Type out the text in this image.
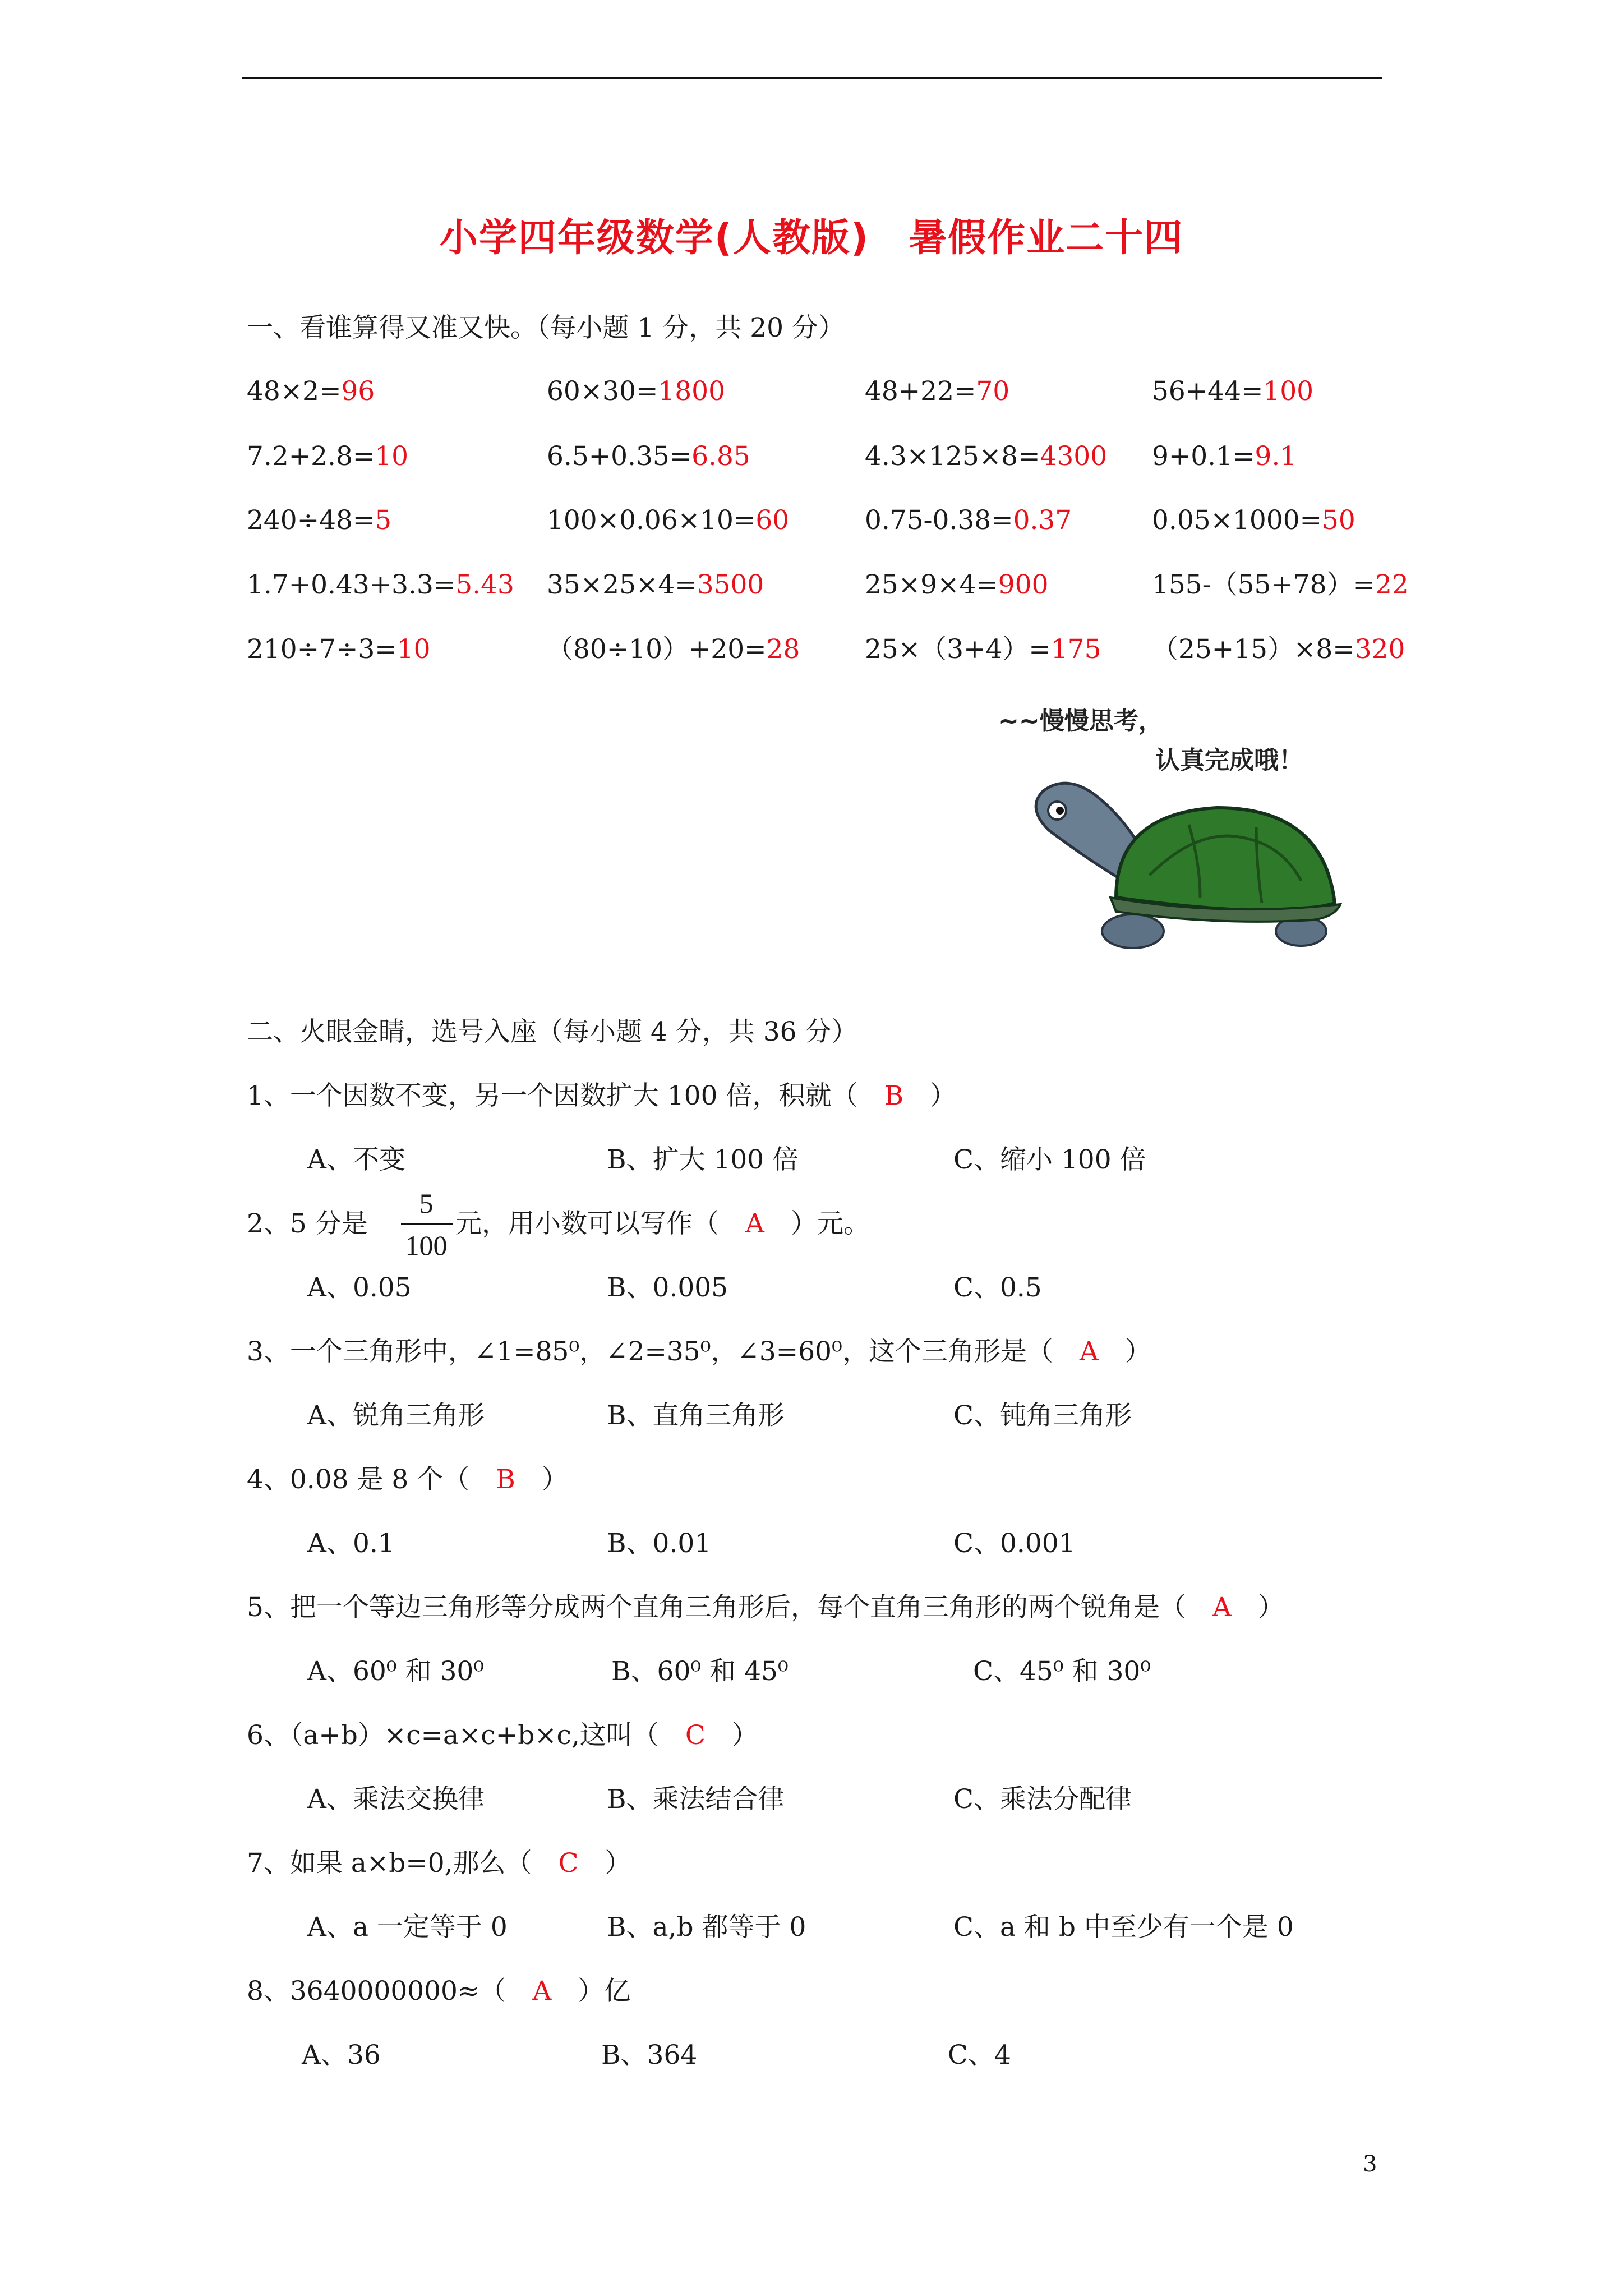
小学四年级数学(人教版)　暑假作业二十四
一、看谁算得又准又快。（每小题 1 分，共 20 分）
48×2=96	60×30=1800	48+22=70	56+44=100
7.2+2.8=10	6.5+0.35=6.85	4.3×125×8=4300 9+0.1=9.1
240÷48=5	100×0.06×10=60	0.75-0.38=0.37	0.05×1000=50
1.7+0.43+3.3=5.43 35×25×4=3500	25×9×4=900	155-（55+78）=22
210÷7÷3=10	（80÷10）+20=28 25×（3+4）=175 （25+15）×8=320
~~慢慢思考，
认真完成哦！
二、火眼金睛，选号入座（每小题 4 分，共 36 分）
1、一个因数不变，另一个因数扩大 100 倍，积就（　B　）
A、不变	B、扩大 100 倍	C、缩小 100 倍
2、5 分是
5
100
元，用小数可以写作（　A　）元。
A、0.05	B、0.005	C、0.5
3、一个三角形中，∠1=85⁰，∠2=35⁰，∠3=60⁰，这个三角形是（　A　）
A、锐角三角形	B、直角三角形	C、钝角三角形
4、0.08 是 8 个（　B　）
A、0.1	B、0.01	C、0.001
5、把一个等边三角形等分成两个直角三角形后，每个直角三角形的两个锐角是（　A　）
A、60⁰ 和 30⁰	B、60⁰ 和 45⁰	C、45⁰ 和 30⁰
6、（a+b）×c=a×c+b×c,这叫（　C　）
A、乘法交换律	B、乘法结合律	C、乘法分配律
7、如果 a×b=0,那么（　C　）
A、a 一定等于 0	B、a,b 都等于 0	C、a 和 b 中至少有一个是 0
8、3640000000≈（　A　）亿
A、36	B、364	C、4
3
